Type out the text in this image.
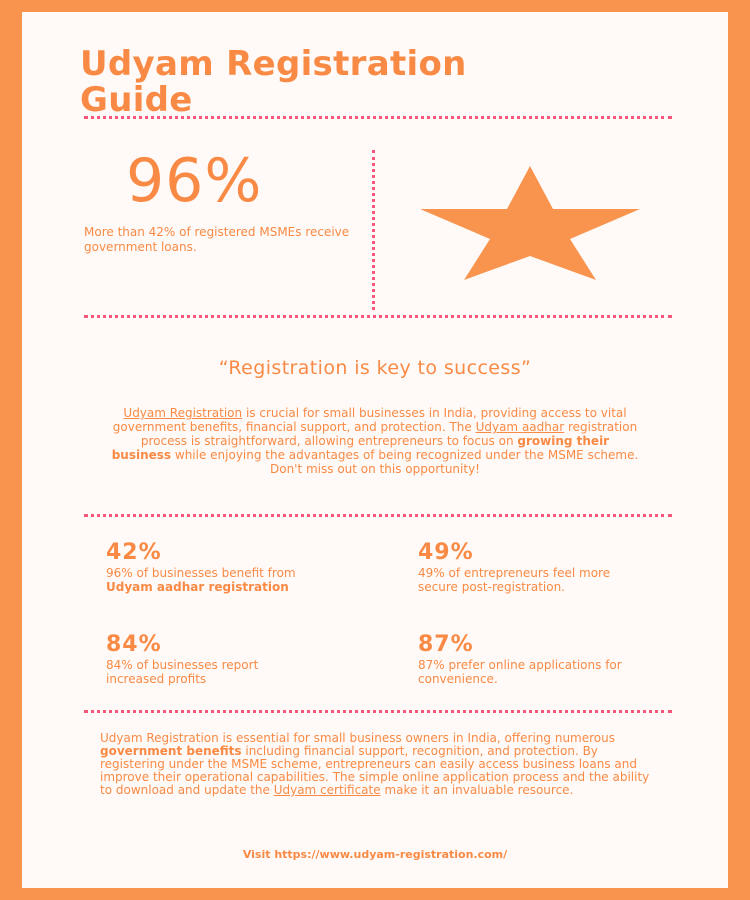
Udyam Registration
Guide
96%
More than 42% of registered MSMEs receive government loans.
“Registration is key to success”
Udyam Registration is crucial for small businesses in India, providing access to vital government benefits, financial support, and protection. The Udyam aadhar registration process is straightforward, allowing entrepreneurs to focus on growing their business while enjoying the advantages of being recognized under the MSME scheme. Don't miss out on this opportunity!
42%
96% of businesses benefit from Udyam aadhar registration
49%
49% of entrepreneurs feel more secure post-registration.
84%
84% of businesses report increased profits
87%
87% prefer online applications for convenience.
Udyam Registration is essential for small business owners in India, offering numerous government benefits including financial support, recognition, and protection. By registering under the MSME scheme, entrepreneurs can easily access business loans and improve their operational capabilities. The simple online application process and the ability to download and update the Udyam certificate make it an invaluable resource.
Visit https://www.udyam-registration.com/
